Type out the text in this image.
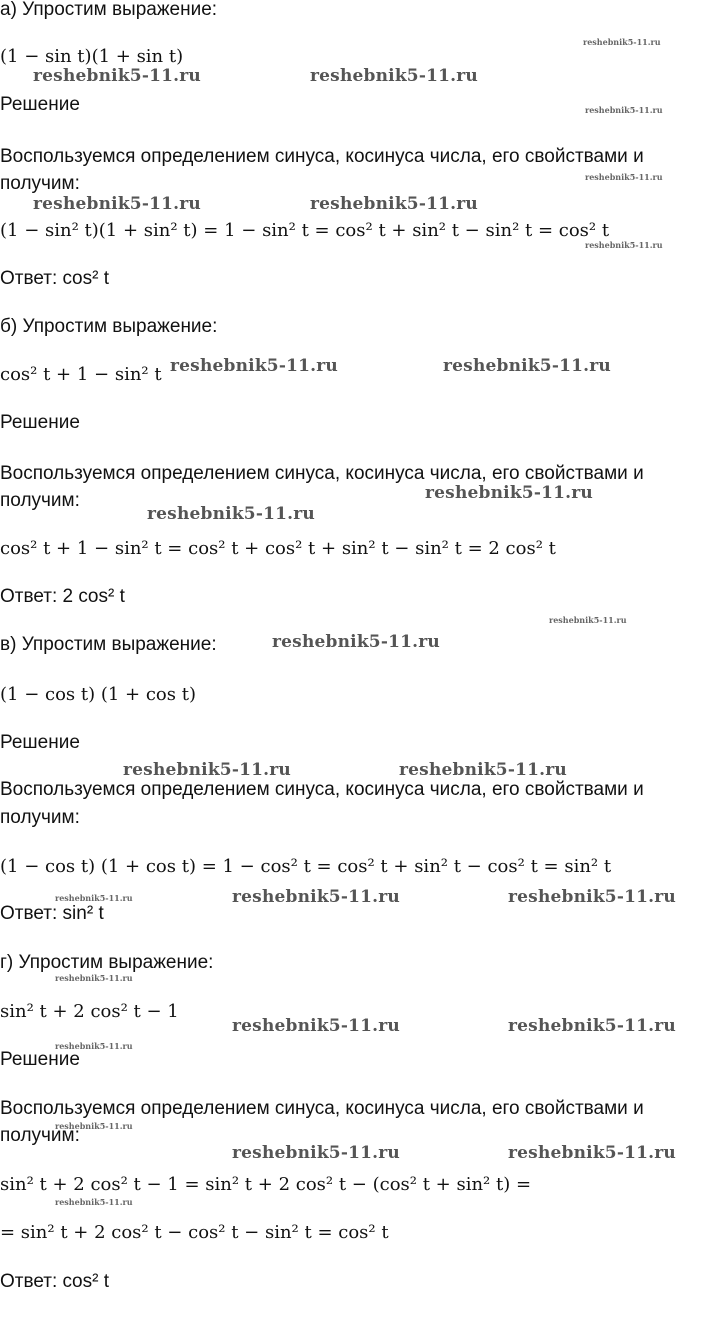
а) Упростим выражение:
(1 − sin t)(1 + sin t)
Решение
Воспользуемся определением синуса, косинуса числа, его свойствами и
получим:
(1 − sin² t)(1 + sin² t) = 1 − sin² t = cos² t + sin² t − sin² t = cos² t
Ответ: cos² t
б) Упростим выражение:
cos² t + 1 − sin² t
Решение
Воспользуемся определением синуса, косинуса числа, его свойствами и
получим:
cos² t + 1 − sin² t = cos² t + cos² t + sin² t − sin² t = 2 cos² t
Ответ: 2 cos² t
в) Упростим выражение:
(1 − cos t) (1 + cos t)
Решение
Воспользуемся определением синуса, косинуса числа, его свойствами и
получим:
(1 − cos t) (1 + cos t) = 1 − cos² t = cos² t + sin² t − cos² t = sin² t
Ответ: sin² t
г) Упростим выражение:
sin² t + 2 cos² t − 1
Решение
Воспользуемся определением синуса, косинуса числа, его свойствами и
получим:
sin² t + 2 cos² t − 1 = sin² t + 2 cos² t − (cos² t + sin² t) =
= sin² t + 2 cos² t − cos² t − sin² t = cos² t
Ответ: cos² t
reshebnik5-11.ru	reshebnik5-11.ru
reshebnik5-11.ru
reshebnik5-11.ru
reshebnik5-11.ru
reshebnik5-11.ru	reshebnik5-11.ru
reshebnik5-11.ru
reshebnik5-11.ru	reshebnik5-11.ru
reshebnik5-11.ru
reshebnik5-11.ru
reshebnik5-11.ru
reshebnik5-11.ru
reshebnik5-11.ru	reshebnik5-11.ru
reshebnik5-11.ru	reshebnik5-11.ru	reshebnik5-11.ru
reshebnik5-11.ru
reshebnik5-11.ru	reshebnik5-11.ru
reshebnik5-11.ru
reshebnik5-11.ru
reshebnik5-11.ru	reshebnik5-11.ru
reshebnik5-11.ru
